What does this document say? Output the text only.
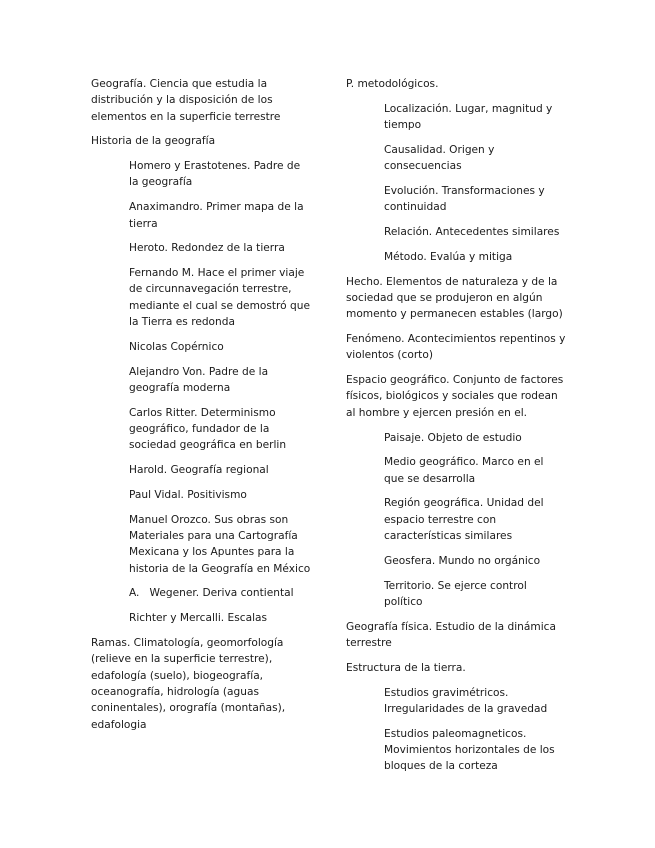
Geografía. Ciencia que estudia la distribución y la disposición de los elementos en la superficie terrestre

Historia de la geografía

Homero y Erastotenes. Padre de la geografía

Anaximandro. Primer mapa de la tierra

Heroto. Redondez de la tierra

Fernando M. Hace el primer viaje de circunnavegación terrestre, mediante el cual se demostró que la Tierra es redonda

Nicolas Copérnico

Alejandro Von. Padre de la geografía moderna

Carlos Ritter. Determinismo geográfico, fundador de la sociedad geográfica en berlin

Harold. Geografía regional

Paul Vidal. Positivismo

Manuel Orozco. Sus obras son Materiales para una Cartografía Mexicana y los Apuntes para la historia de la Geografía en México

A.   Wegener. Deriva contiental

Richter y Mercalli. Escalas

Ramas. Climatología, geomorfología (relieve en la superficie terrestre), edafología (suelo), biogeografía, oceanografía, hidrología (aguas coninentales), orografía (montañas), edafologia

P. metodológicos.

Localización. Lugar, magnitud y tiempo

Causalidad. Origen y consecuencias

Evolución. Transformaciones y continuidad

Relación. Antecedentes similares

Método. Evalúa y mitiga

Hecho. Elementos de naturaleza y de la sociedad que se produjeron en algún momento y permanecen estables (largo)

Fenómeno. Acontecimientos repentinos y violentos (corto)

Espacio geográfico. Conjunto de factores físicos, biológicos y sociales que rodean al hombre y ejercen presión en el.

Paisaje. Objeto de estudio

Medio geográfico. Marco en el que se desarrolla

Región geográfica. Unidad del espacio terrestre con características similares

Geosfera. Mundo no orgánico

Territorio. Se ejerce control político

Geografía física. Estudio de la dinámica terrestre

Estructura de la tierra.

Estudios gravimétricos. Irregularidades de la gravedad

Estudios paleomagneticos. Movimientos horizontales de los bloques de la corteza
